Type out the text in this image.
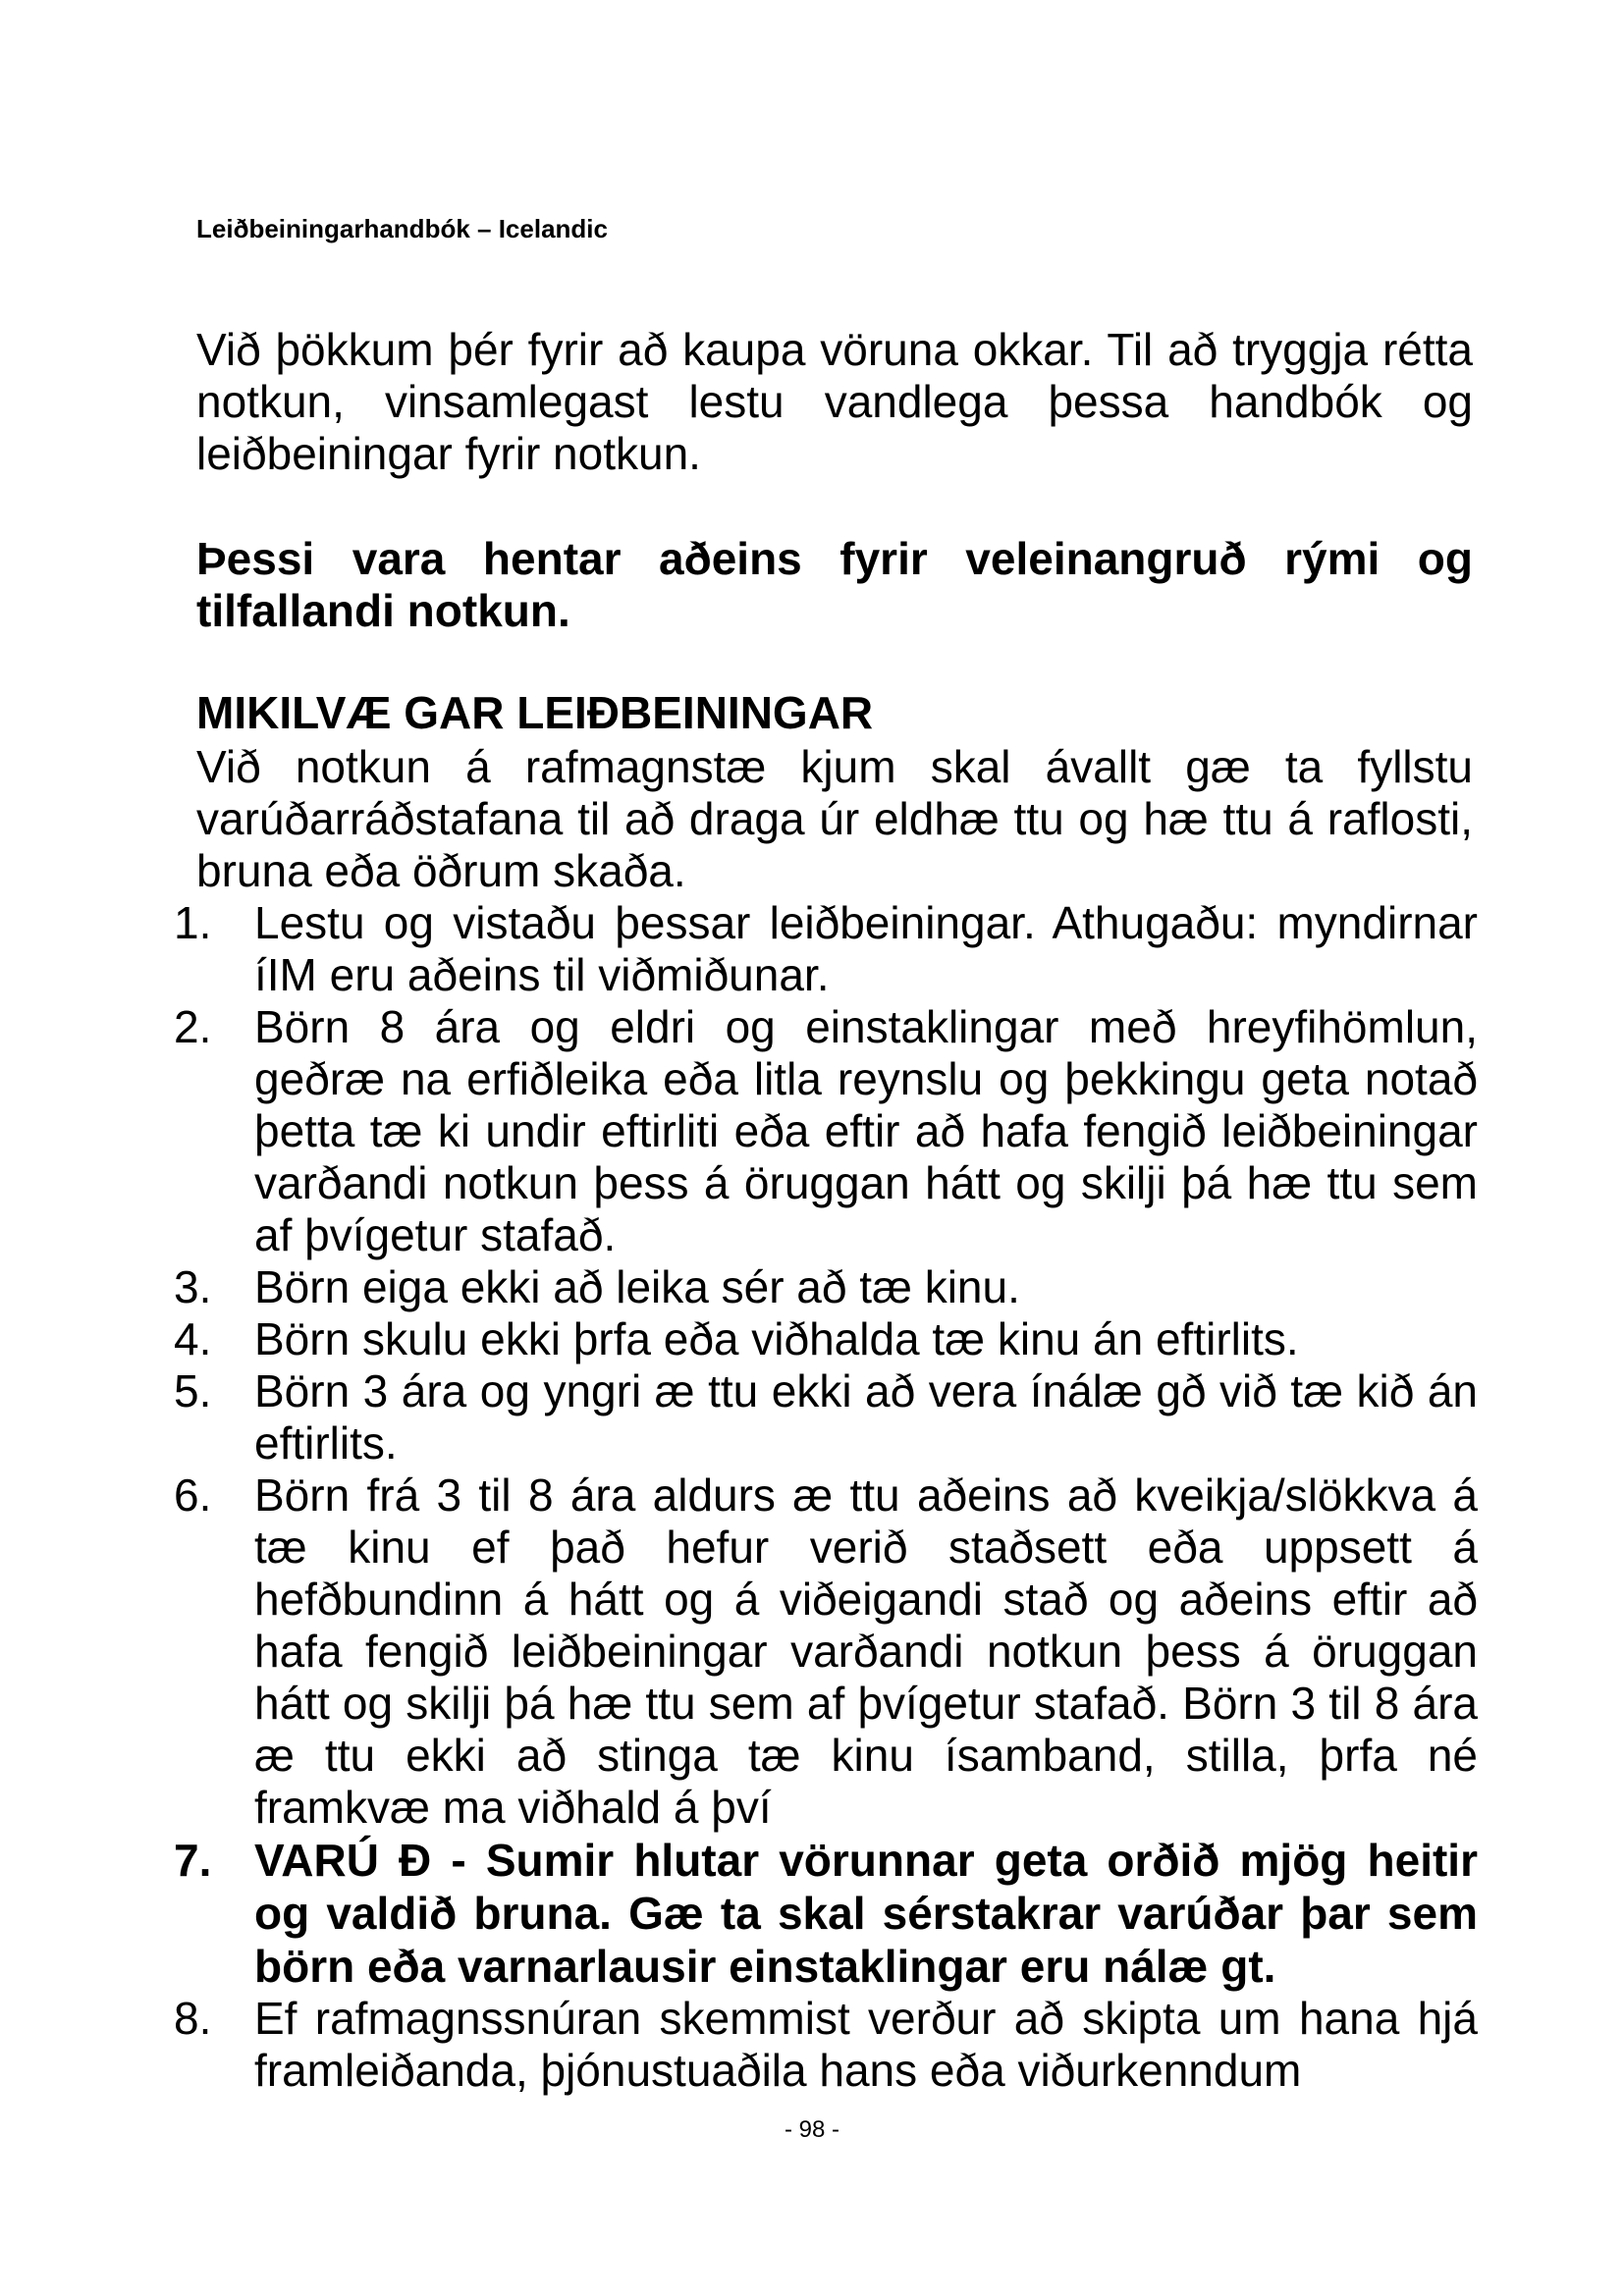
Leiðbeiningarhandbók – Icelandic

Við þökkum þér fyrir að kaupa vöruna okkar. Til að tryggja rétta notkun, vinsamlegast lestu vandlega þessa handbók og leiðbeiningar fyrir notkun.

Þessi vara hentar aðeins fyrir veleinangruð rými og tilfallandi notkun.

MIKILVÆ GAR LEIÐBEININGAR

Við notkun á rafmagnstæ kjum skal ávallt gæ ta fyllstu varúðarráðstafana til að draga úr eldhæ ttu og hæ ttu á raflosti, bruna eða öðrum skaða.

1. Lestu og vistaðu þessar leiðbeiningar. Athugaðu: myndirnar íIM eru aðeins til viðmiðunar.
2. Börn 8 ára og eldri og einstaklingar með hreyfihömlun, geðræ na erfiðleika eða litla reynslu og þekkingu geta notað þetta tæ ki undir eftirliti eða eftir að hafa fengið leiðbeiningar varðandi notkun þess á öruggan hátt og skilji þá hæ ttu sem af þvígetur stafað.
3. Börn eiga ekki að leika sér að tæ kinu.
4. Börn skulu ekki þrfa eða viðhalda tæ kinu án eftirlits.
5. Börn 3 ára og yngri æ ttu ekki að vera ínálæ gð við tæ kið án eftirlits.
6. Börn frá 3 til 8 ára aldurs æ ttu aðeins að kveikja/slökkva á tæ kinu ef það hefur verið staðsett eða uppsett á hefðbundinn á hátt og á viðeigandi stað og aðeins eftir að hafa fengið leiðbeiningar varðandi notkun þess á öruggan hátt og skilji þá hæ ttu sem af þvígetur stafað. Börn 3 til 8 ára æ ttu ekki að stinga tæ kinu ísamband, stilla, þrfa né framkvæ ma viðhald á því
7. VARÚ Ð - Sumir hlutar vörunnar geta orðið mjög heitir og valdið bruna. Gæ ta skal sérstakrar varúðar þar sem börn eða varnarlausir einstaklingar eru nálæ gt.
8. Ef rafmagnssnúran skemmist verður að skipta um hana hjá framleiðanda, þjónustuaðila hans eða viðurkenndum
- 98 -
